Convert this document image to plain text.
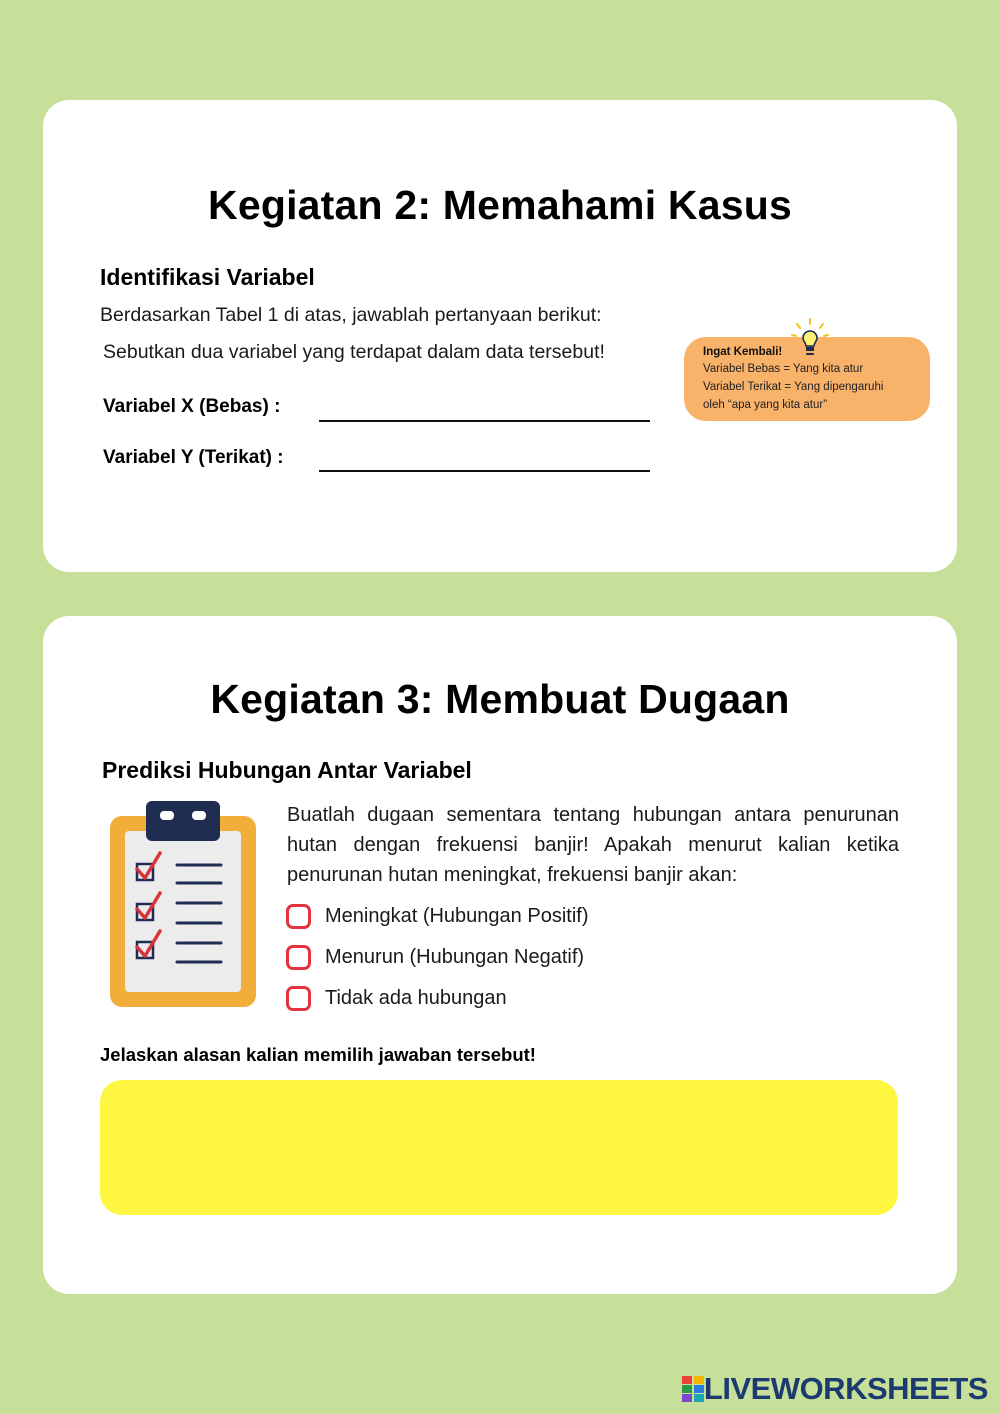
Kegiatan 2: Memahami Kasus
Identifikasi Variabel
Berdasarkan Tabel 1 di atas, jawablah pertanyaan berikut:
Sebutkan dua variabel yang terdapat dalam data tersebut!
Variabel X (Bebas) :
Variabel Y (Terikat) :
Ingat Kembali!
Variabel Bebas = Yang kita atur
Variabel Terikat = Yang dipengaruhi
oleh “apa yang kita atur”
Kegiatan 3: Membuat Dugaan
Prediksi Hubungan Antar Variabel
Buatlah dugaan sementara tentang hubungan antara penurunan hutan dengan frekuensi banjir! Apakah menurut kalian ketika penurunan hutan meningkat, frekuensi banjir akan:
Meningkat (Hubungan Positif)
Menurun (Hubungan Negatif)
Tidak ada hubungan
Jelaskan alasan kalian memilih jawaban tersebut!
LIVEWORKSHEETS
